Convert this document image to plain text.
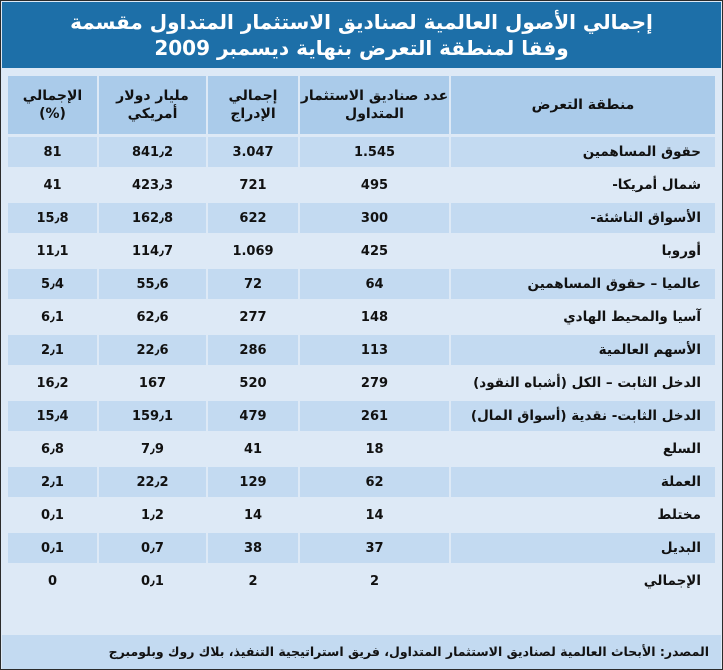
إجمالي الأصول العالمية لصناديق الاستثمار المتداول مقسمة
وفقا لمنطقة التعرض بنهاية ديسمبر 2009
منطقة التعرض	عدد صناديق الاستثمار المتداول	إجمالي الإدراج	مليار دولار أمريكي	الإجمالي (%)
حقوق المساهمين	1.545	3.047	841٫2	81
شمال أمريكا-	495	721	423٫3	41
الأسواق الناشئة-	300	622	162٫8	15٫8
أوروبا	425	1.069	114٫7	11٫1
عالميا – حقوق المساهمين	64	72	55٫6	5٫4
آسيا والمحيط الهادي	148	277	62٫6	6٫1
الأسهم العالمية	113	286	22٫6	2٫1
الدخل الثابت – الكل (أشباه النقود)	279	520	167	16٫2
الدخل الثابت- نقدية (أسواق المال)	261	479	159٫1	15٫4
السلع	18	41	7٫9	6٫8
العملة	62	129	22٫2	2٫1
مختلط	14	14	1٫2	0٫1
البديل	37	38	0٫7	0٫1
الإجمالي	2	2	0٫1	0
المصدر: الأبحاث العالمية لصناديق الاستثمار المتداول، فريق استراتيجية التنفيذ، بلاك روك وبلومبرج
